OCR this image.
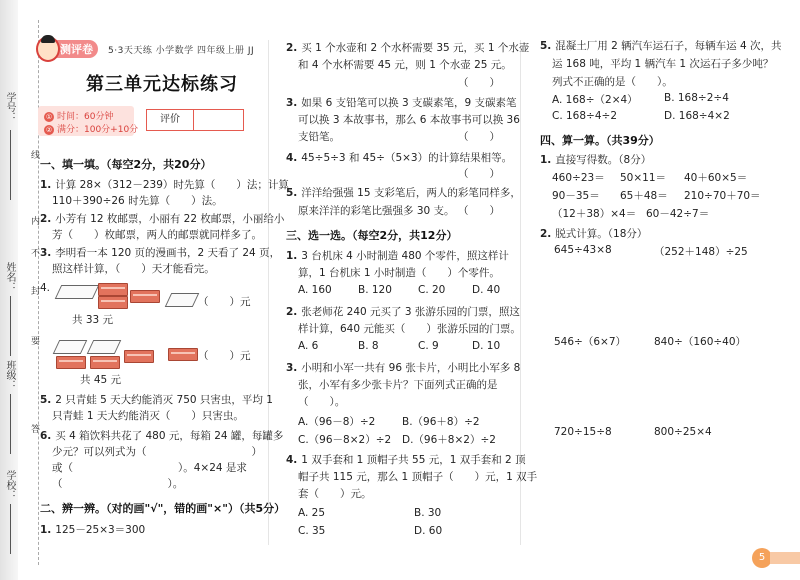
学号：
姓名：
班级：
学校：
线
内
不
封
要
答
测评卷 5·3天天练 小学数学 四年级上册 JJ
第三单元达标练习
① 时间：60分钟
② 满分：100分+10分
评价
一、填一填。（每空2分，共20分）
1. 计算 28×（312－239）时先算（　　）法；计算
110＋390÷26 时先算（　　）法。
2. 小芳有 12 枚邮票，小丽有 22 枚邮票，小丽给小
芳（　　）枚邮票，两人的邮票就同样多了。
3. 李明看一本 120 页的漫画书，2 天看了 24 页，
照这样计算，（　　）天才能看完。
4.
共 33 元
（　　）元
共 45 元
（　　）元
5. 2 只青蛙 5 天大约能消灭 750 只害虫，平均 1
只青蛙 1 天大约能消灭（　　）只害虫。
6. 买 4 箱饮料共花了 480 元，每箱 24 罐，每罐多
少元？可以列式为（　　　　　　　　　　）
或（　　　　　　　　　　）。4×24 是求
（　　　　　　　　　　）。
二、辨一辨。（对的画"√"，错的画"×"）（共5分）
1. 125－25×3＝300
2. 买 1 个水壶和 2 个水杯需要 35 元，买 1 个水壶
和 4 个水杯需要 45 元，则 1 个水壶 25 元。
（　　）
3. 如果 6 支铅笔可以换 3 支碳素笔，9 支碳素笔
可以换 3 本故事书，那么 6 本故事书可以换 36
支铅笔。	（　　）
4. 45÷5÷3 和 45÷（5×3）的计算结果相等。
（　　）
5. 洋洋给强强 15 支彩笔后，两人的彩笔同样多，
原来洋洋的彩笔比强强多 30 支。 （　　）
三、选一选。（每空2分，共12分）
1. 3 台机床 4 小时制造 480 个零件，照这样计
算，1 台机床 1 小时制造（　　）个零件。
A. 160	B. 120 C. 20	D. 40
2. 张老师花 240 元买了 3 张游乐园的门票，照这
样计算，640 元能买（　　）张游乐园的门票。
A. 6	B. 8	C. 9	D. 10
3. 小明和小军一共有 96 张卡片，小明比小军多 8
张，小军有多少张卡片？下面列式正确的是
（　　）。
A.（96－8）÷2	B.（96＋8）÷2
C.（96－8×2）÷2 D.（96＋8×2）÷2
4. 1 双手套和 1 顶帽子共 55 元，1 双手套和 2 顶
帽子共 115 元，那么 1 顶帽子（　　）元，1 双手
套（　　）元。
A. 25	B. 30
C. 35	D. 60
5. 混凝土厂用 2 辆汽车运石子，每辆车运 4 次，共
运 168 吨，平均 1 辆汽车 1 次运石子多少吨？
列式不正确的是（　　）。
A. 168÷（2×4）	B. 168÷2÷4
C. 168÷4÷2	D. 168÷4×2
四、算一算。（共39分）
1. 直接写得数。（8分）
460÷23＝ 50×11＝ 40＋60×5＝
90－35＝ 65＋48＝ 210÷70＋70＝
（12＋38）×4＝ 60－42÷7＝
2. 脱式计算。（18分）
645÷43×8	（252＋148）÷25
546÷（6×7）	840÷（160÷40）
720÷15÷8	800÷25×4
5
